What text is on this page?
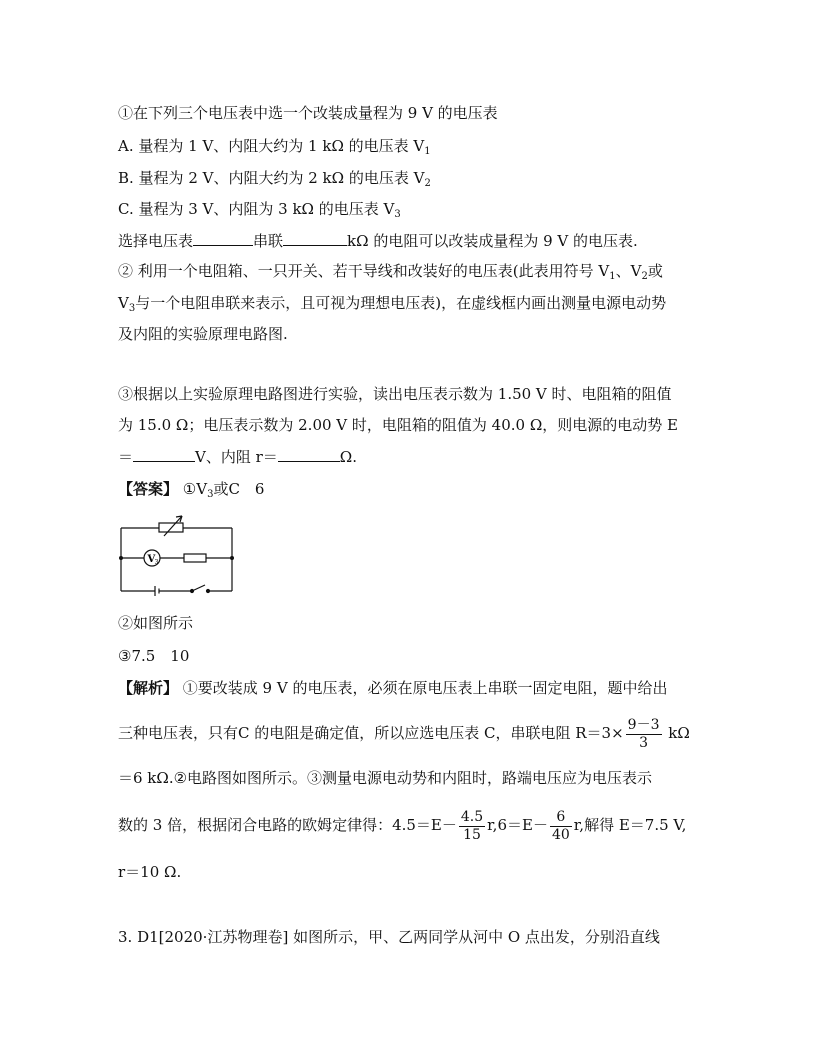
①在下列三个电压表中选一个改装成量程为 9 V 的电压表
A. 量程为 1 V、内阻大约为 1 kΩ 的电压表 $V_1$
B. 量程为 2 V、内阻大约为 2 kΩ 的电压表 $V_2$
C. 量程为 3 V、内阻为 3 kΩ 的电压表 $V_3$
选择电压表	串联	kΩ 的电阻可以改装成量程为 9 V 的电压表.
② 利用一个电阻箱、一只开关、若干导线和改装好的电压表(此表用符号 $V_1$、$V_2$或
$V_3$与一个电阻串联来表示，且可视为理想电压表)，在虚线框内画出测量电源电动势
及内阻的实验原理电路图.
③根据以上实验原理电路图进行实验，读出电压表示数为 1.50 V 时、电阻箱的阻值
为 15.0 Ω；电压表示数为 2.00 V 时，电阻箱的阻值为 40.0 Ω，则电源的电动势 E
＝	V、内阻 r＝	Ω.
【答案】 $①V_3$或C　6
V 3
②如图所示
③7.5　10
【解析】 ①要改装成 9 V 的电压表，必须在原电压表上串联一固定电阻，题中给出
三种电压表，只有C 的电阻是确定值，所以应选电压表 C，串联电阻 $R=3\times \frac{9-3}{3}$ kΩ
＝6 kΩ.②电路图如图所示。③测量电源电动势和内阻时，路端电压应为电压表示
数的 3 倍，根据闭合电路的欧姆定律得：$4.5=E- \frac{4.5}{15} r,6=E- \frac{6}{40} r$,解得 E＝7.5 V,
r＝10 Ω.
3. D1[2020·江苏物理卷] 如图所示，甲、乙两同学从河中 O 点出发，分别沿直线
